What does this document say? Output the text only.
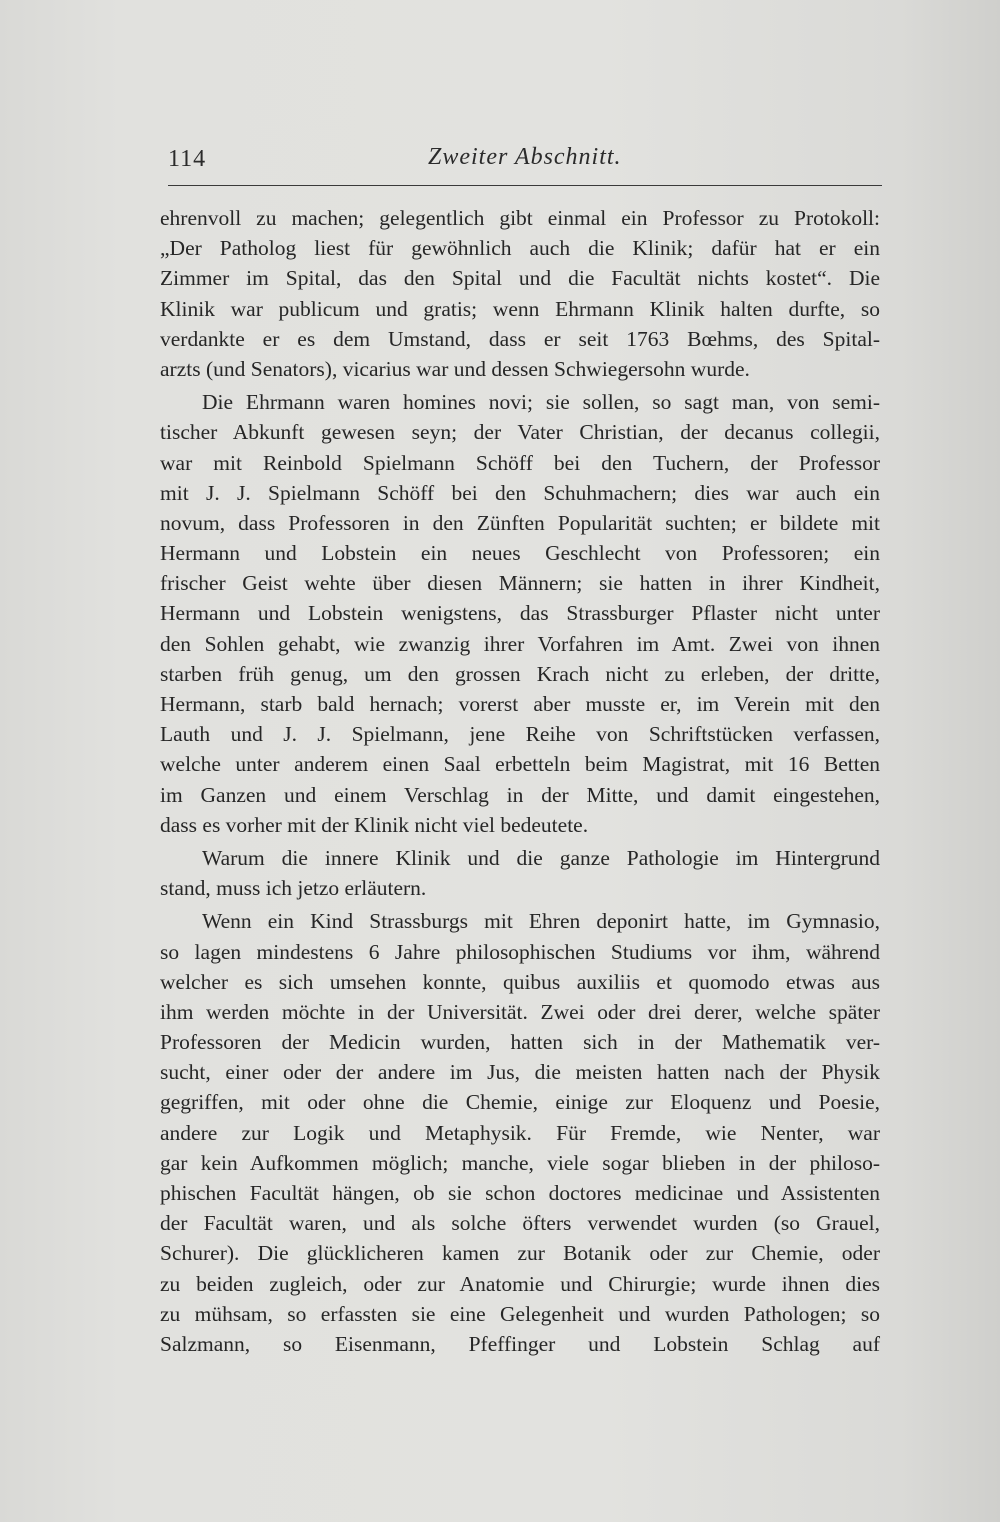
114	Zweiter Abschnitt.
ehrenvoll zu machen; gelegentlich gibt einmal ein Professor zu Protokoll:
„Der Patholog liest für gewöhnlich auch die Klinik; dafür hat er ein
Zimmer im Spital, das den Spital und die Facultät nichts kostet“. Die
Klinik war publicum und gratis; wenn Ehrmann Klinik halten durfte, so
verdankte er es dem Umstand, dass er seit 1763 Bœhms, des Spital-
arzts (und Senators), vicarius war und dessen Schwiegersohn wurde.
Die Ehrmann waren homines novi; sie sollen, so sagt man, von semi-
tischer Abkunft gewesen seyn; der Vater Christian, der decanus collegii,
war mit Reinbold Spielmann Schöff bei den Tuchern, der Professor
mit J. J. Spielmann Schöff bei den Schuhmachern; dies war auch ein
novum, dass Professoren in den Zünften Popularität suchten; er bildete mit
Hermann und Lobstein ein neues Geschlecht von Professoren; ein
frischer Geist wehte über diesen Männern; sie hatten in ihrer Kindheit,
Hermann und Lobstein wenigstens, das Strassburger Pflaster nicht unter
den Sohlen gehabt, wie zwanzig ihrer Vorfahren im Amt. Zwei von ihnen
starben früh genug, um den grossen Krach nicht zu erleben, der dritte,
Hermann, starb bald hernach; vorerst aber musste er, im Verein mit den
Lauth und J. J. Spielmann, jene Reihe von Schriftstücken verfassen,
welche unter anderem einen Saal erbetteln beim Magistrat, mit 16 Betten
im Ganzen und einem Verschlag in der Mitte, und damit eingestehen,
dass es vorher mit der Klinik nicht viel bedeutete.
Warum die innere Klinik und die ganze Pathologie im Hintergrund
stand, muss ich jetzo erläutern.
Wenn ein Kind Strassburgs mit Ehren deponirt hatte, im Gymnasio,
so lagen mindestens 6 Jahre philosophischen Studiums vor ihm, während
welcher es sich umsehen konnte, quibus auxiliis et quomodo etwas aus
ihm werden möchte in der Universität. Zwei oder drei derer, welche später
Professoren der Medicin wurden, hatten sich in der Mathematik ver-
sucht, einer oder der andere im Jus, die meisten hatten nach der Physik
gegriffen, mit oder ohne die Chemie, einige zur Eloquenz und Poesie,
andere zur Logik und Metaphysik. Für Fremde, wie Nenter, war
gar kein Aufkommen möglich; manche, viele sogar blieben in der philoso-
phischen Facultät hängen, ob sie schon doctores medicinae und Assistenten
der Facultät waren, und als solche öfters verwendet wurden (so Grauel,
Schurer). Die glücklicheren kamen zur Botanik oder zur Chemie, oder
zu beiden zugleich, oder zur Anatomie und Chirurgie; wurde ihnen dies
zu mühsam, so erfassten sie eine Gelegenheit und wurden Pathologen; so
Salzmann, so Eisenmann, Pfeffinger und Lobstein Schlag auf
